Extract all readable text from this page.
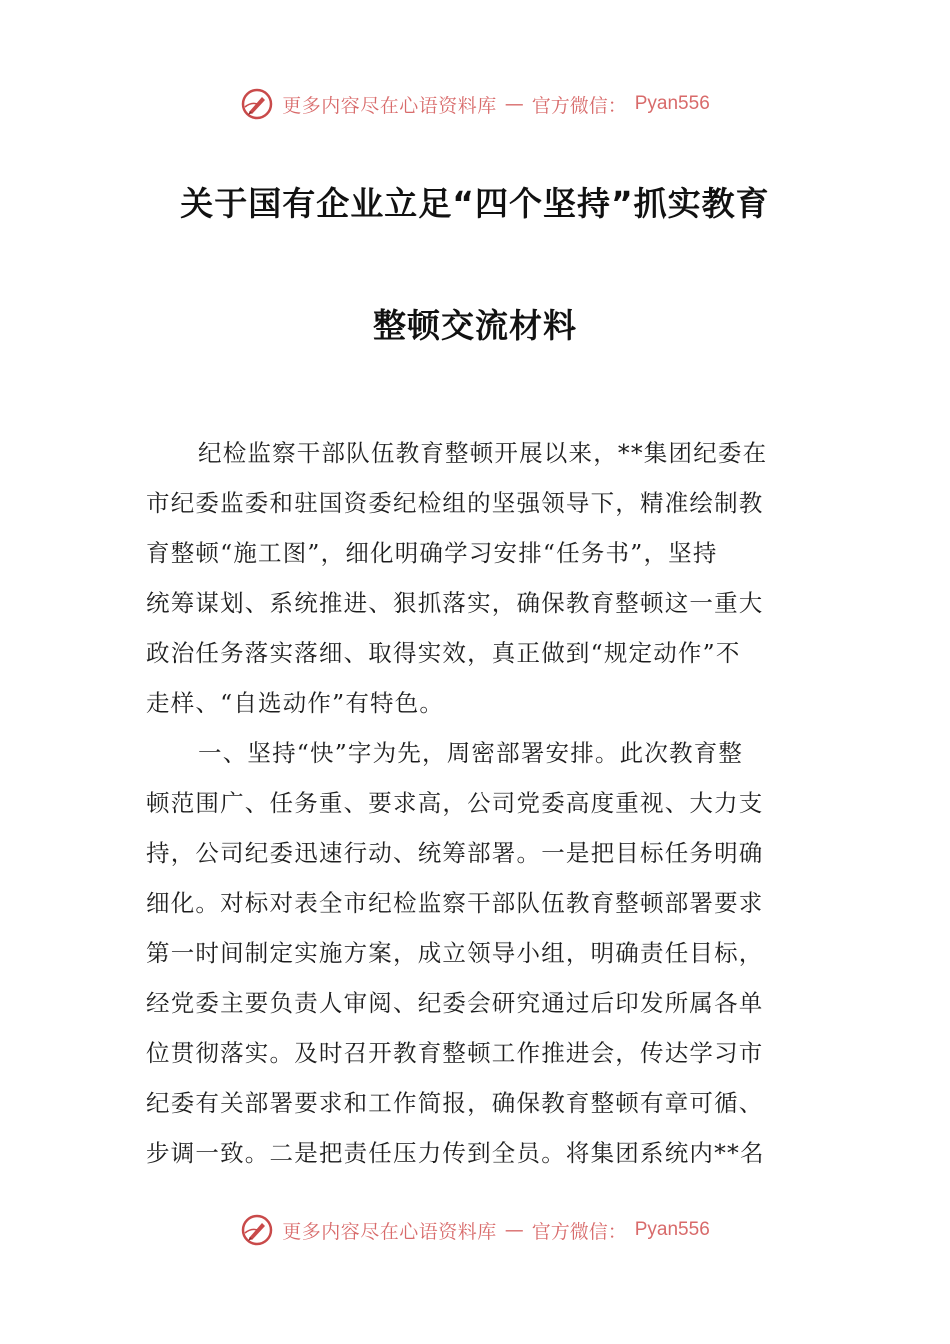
更多内容尽在心语资料库 — 官方微信： Pyan556
关于国有企业立足“四个坚持”抓实教育
整顿交流材料
纪检监察干部队伍教育整顿开展以来，**集团纪委在
市纪委监委和驻国资委纪检组的坚强领导下，精准绘制教
育整顿“施工图”，细化明确学习安排“任务书”，坚持
统筹谋划、系统推进、狠抓落实，确保教育整顿这一重大
政治任务落实落细、取得实效，真正做到“规定动作”不
走样、“自选动作”有特色。
一、坚持“快”字为先，周密部署安排。此次教育整
顿范围广、任务重、要求高，公司党委高度重视、大力支
持，公司纪委迅速行动、统筹部署。一是把目标任务明确
细化。对标对表全市纪检监察干部队伍教育整顿部署要求
第一时间制定实施方案，成立领导小组，明确责任目标，
经党委主要负责人审阅、纪委会研究通过后印发所属各单
位贯彻落实。及时召开教育整顿工作推进会，传达学习市
纪委有关部署要求和工作简报，确保教育整顿有章可循、
步调一致。二是把责任压力传到全员。将集团系统内**名
更多内容尽在心语资料库 — 官方微信： Pyan556
